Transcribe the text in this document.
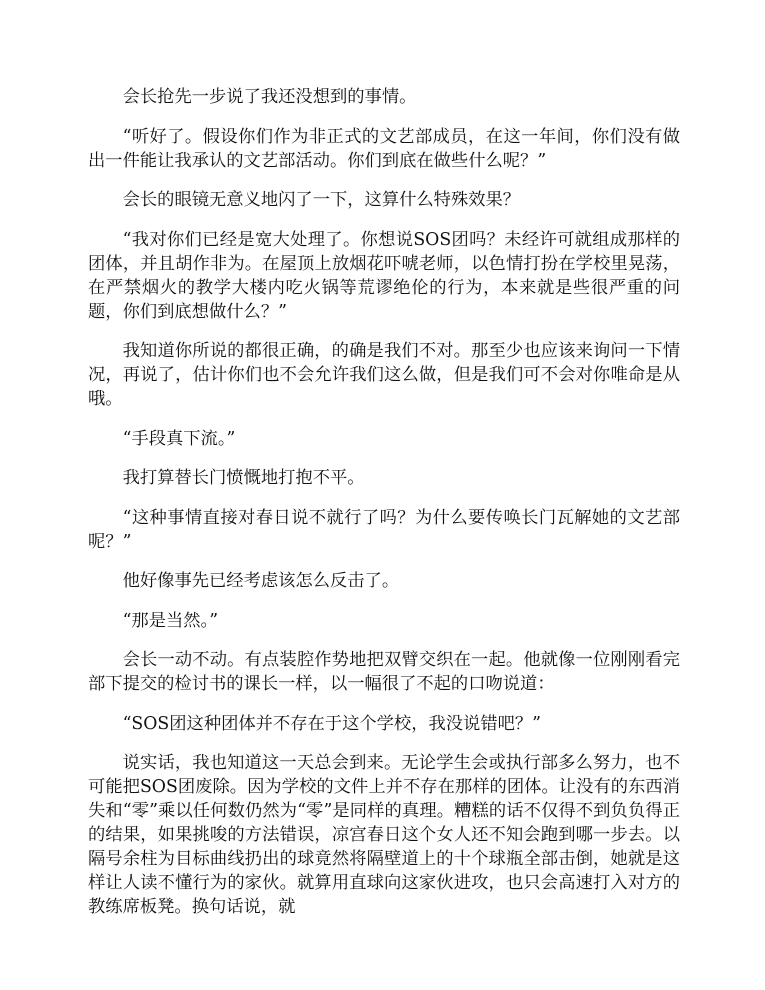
会长抢先一步说了我还没想到的事情。

“听好了。假设你们作为非正式的文艺部成员，在这一年间，你们没有做出一件能让我承认的文艺部活动。你们到底在做些什么呢？”

会长的眼镜无意义地闪了一下，这算什么特殊效果？

“我对你们已经是宽大处理了。你想说SOS团吗？未经许可就组成那样的团体，并且胡作非为。在屋顶上放烟花吓唬老师，以色情打扮在学校里晃荡，在严禁烟火的教学大楼内吃火锅等荒谬绝伦的行为，本来就是些很严重的问题，你们到底想做什么？”

我知道你所说的都很正确，的确是我们不对。那至少也应该来询问一下情况，再说了，估计你们也不会允许我们这么做，但是我们可不会对你唯命是从哦。

“手段真下流。”

我打算替长门愤慨地打抱不平。

“这种事情直接对春日说不就行了吗？为什么要传唤长门瓦解她的文艺部呢？”

他好像事先已经考虑该怎么反击了。

“那是当然。”

会长一动不动。有点装腔作势地把双臂交织在一起。他就像一位刚刚看完部下提交的检讨书的课长一样，以一幅很了不起的口吻说道：

“SOS团这种团体并不存在于这个学校，我没说错吧？”

说实话，我也知道这一天总会到来。无论学生会或执行部多么努力，也不可能把SOS团废除。因为学校的文件上并不存在那样的团体。让没有的东西消失和“零”乘以任何数仍然为“零”是同样的真理。糟糕的话不仅得不到负负得正的结果，如果挑唆的方法错误，凉宫春日这个女人还不知会跑到哪一步去。以隔号余柱为目标曲线扔出的球竟然将隔壁道上的十个球瓶全部击倒，她就是这样让人读不懂行为的家伙。就算用直球向这家伙进攻，也只会高速打入对方的教练席板凳。换句话说，就
